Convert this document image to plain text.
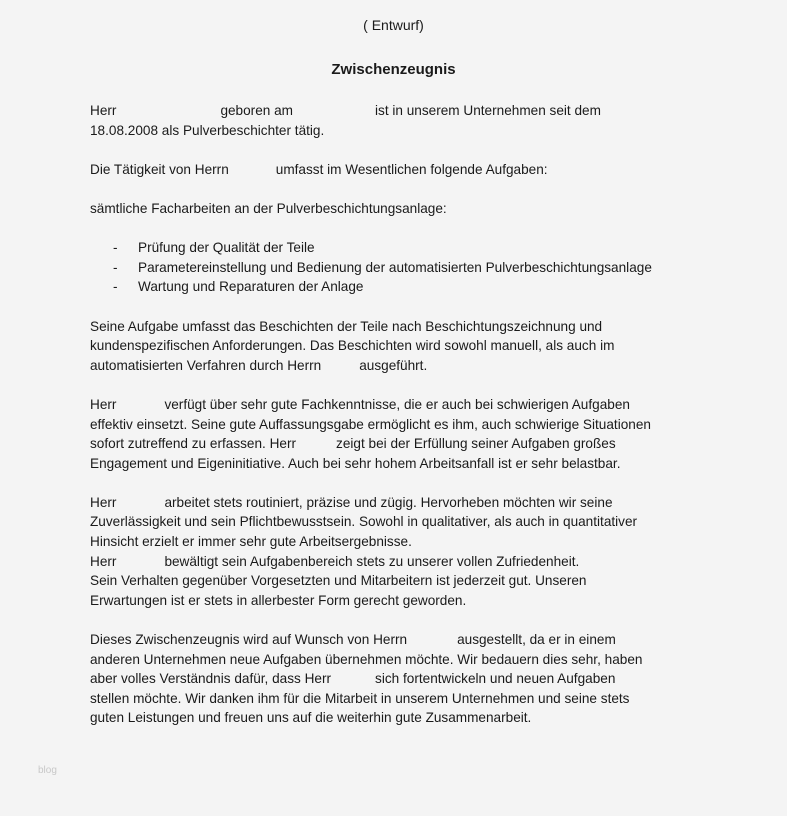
( Entwurf)
Zwischenzeugnis
Herr	geboren am	ist in unserem Unternehmen seit dem
18.08.2008 als Pulverbeschichter tätig.
Die Tätigkeit von Herrn	umfasst im Wesentlichen folgende Aufgaben:
sämtliche Facharbeiten an der Pulverbeschichtungsanlage:
- Prüfung der Qualität der Teile
- Parametereinstellung und Bedienung der automatisierten Pulverbeschichtungsanlage
- Wartung und Reparaturen der Anlage
Seine Aufgabe umfasst das Beschichten der Teile nach Beschichtungszeichnung und
kundenspezifischen Anforderungen. Das Beschichten wird sowohl manuell, als auch im
automatisierten Verfahren durch Herrn	ausgeführt.
Herr	verfügt über sehr gute Fachkenntnisse, die er auch bei schwierigen Aufgaben
effektiv einsetzt. Seine gute Auffassungsgabe ermöglicht es ihm, auch schwierige Situationen
sofort zutreffend zu erfassen. Herr	zeigt bei der Erfüllung seiner Aufgaben großes
Engagement und Eigeninitiative. Auch bei sehr hohem Arbeitsanfall ist er sehr belastbar.
Herr	arbeitet stets routiniert, präzise und zügig. Hervorheben möchten wir seine
Zuverlässigkeit und sein Pflichtbewusstsein. Sowohl in qualitativer, als auch in quantitativer
Hinsicht erzielt er immer sehr gute Arbeitsergebnisse.
Herr	bewältigt sein Aufgabenbereich stets zu unserer vollen Zufriedenheit.
Sein Verhalten gegenüber Vorgesetzten und Mitarbeitern ist jederzeit gut. Unseren
Erwartungen ist er stets in allerbester Form gerecht geworden.
Dieses Zwischenzeugnis wird auf Wunsch von Herrn	ausgestellt, da er in einem
anderen Unternehmen neue Aufgaben übernehmen möchte. Wir bedauern dies sehr, haben
aber volles Verständnis dafür, dass Herr	sich fortentwickeln und neuen Aufgaben
stellen möchte. Wir danken ihm für die Mitarbeit in unserem Unternehmen und seine stets
guten Leistungen und freuen uns auf die weiterhin gute Zusammenarbeit.
blog
